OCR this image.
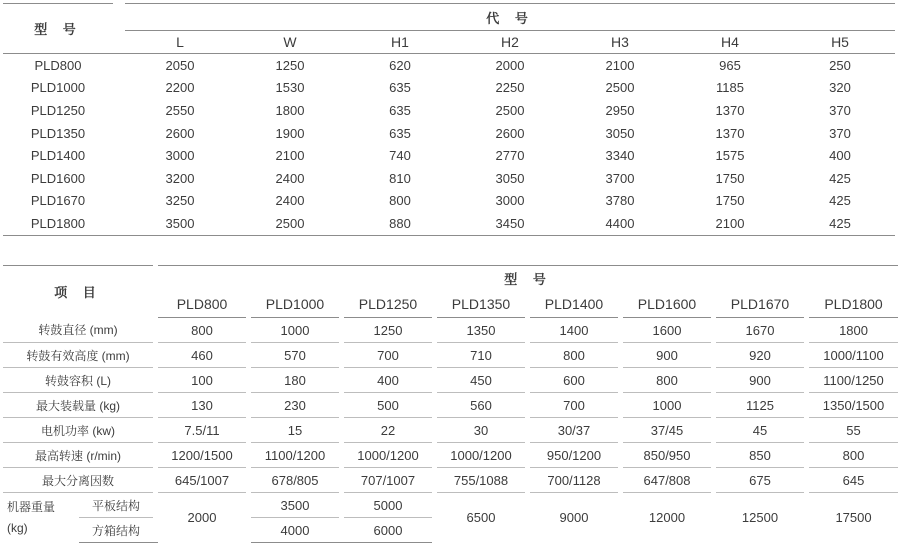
型 号		代 号						
		L	W	H1	H2	H3	H4	H5
PLD800		2050	1250	620	2000	2100	965	250
PLD1000		2200	1530	635	2250	2500	1185	320
PLD1250		2550	1800	635	2500	2950	1370	370
PLD1350		2600	1900	635	2600	3050	1370	370
PLD1400		3000	2100	740	2770	3340	1575	400
PLD1600		3200	2400	810	3050	3700	1750	425
PLD1670		3250	2400	800	3000	3780	1750	425
PLD1800		3500	2500	880	3450	4400	2100	425
项 目			型 号														
			PLD800		PLD1000		PLD1250		PLD1350		PLD1400		PLD1600		PLD1670		PLD1800
转鼓直径 (mm)			800		1000		1250		1350		1400		1600		1670		1800
转鼓有效高度 (mm)			460		570		700		710		800		900		920		1000/1100
转鼓容积 (L)			100		180		400		450		600		800		900		1100/1250
最大装载量 (kg)			130		230		500		560		700		1000		1125		1350/1500
电机功率 (kw)			7.5/11		15		22		30		30/37		37/45		45		55
最高转速 (r/min)			1200/1500		1100/1200		1000/1200		1000/1200		950/1200		850/950		850		800
最大分离因数			645/1007		678/805		707/1007		755/1088		700/1128		647/808		675		645
机器重量
(kg)	平板结构		2000		3500		5000		6500		9000		12000		12500		17500
	方箱结构				4000		6000										
